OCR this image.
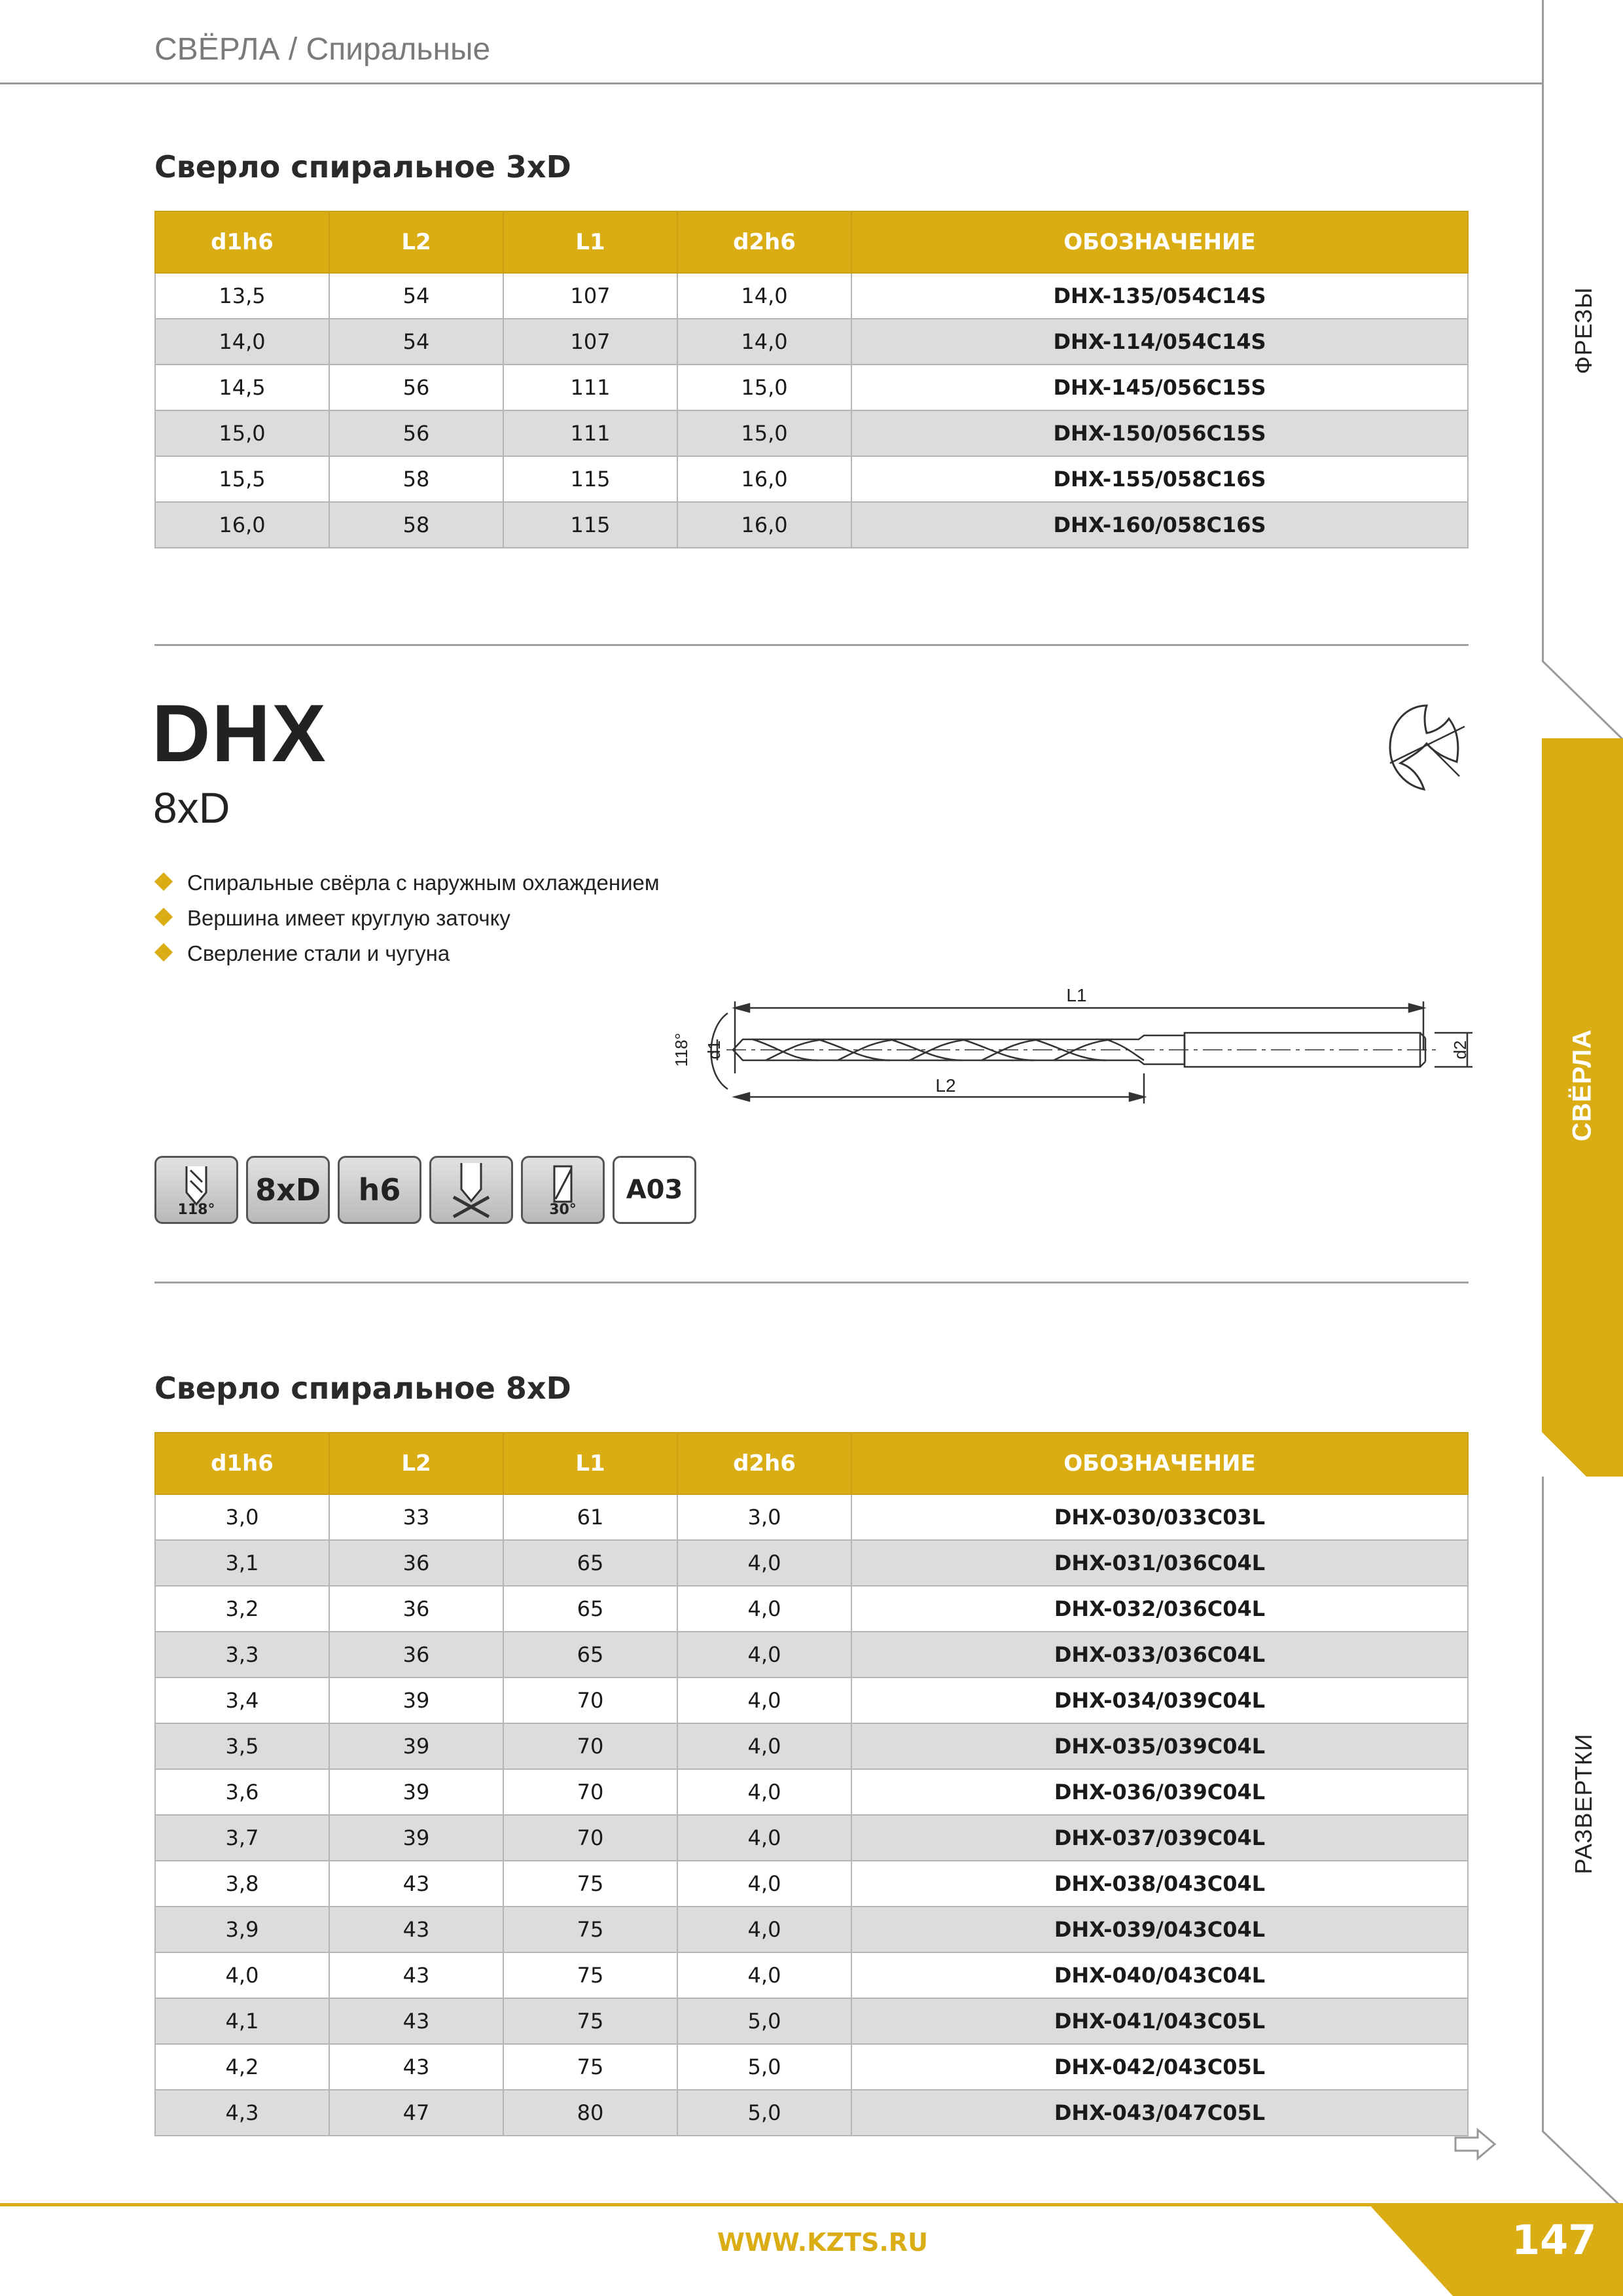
СВЁРЛА / Спиральные
ФРЕЗЫ
СВЁРЛА
РАЗВЕРТКИ
Сверло спиральное 3xD
d1h6	L2	L1	d2h6	ОБОЗНАЧЕНИЕ
13,5	54	107	14,0	DHX-135/054C14S
14,0	54	107	14,0	DHX-114/054C14S
14,5	56	111	15,0	DHX-145/056C15S
15,0	56	111	15,0	DHX-150/056C15S
15,5	58	115	16,0	DHX-155/058C16S
16,0	58	115	16,0	DHX-160/058C16S
DHX
8xD
Спиральные свёрла с наружным охлаждением
Вершина имеет круглую заточку
Сверление стали и чугуна
L1
L2
d1	d2
118°
118°
8xD	h6
30°
A03
Сверло спиральное 8xD
d1h6	L2	L1	d2h6	ОБОЗНАЧЕНИЕ
3,0	33	61	3,0	DHX-030/033C03L
3,1	36	65	4,0	DHX-031/036C04L
3,2	36	65	4,0	DHX-032/036C04L
3,3	36	65	4,0	DHX-033/036C04L
3,4	39	70	4,0	DHX-034/039C04L
3,5	39	70	4,0	DHX-035/039C04L
3,6	39	70	4,0	DHX-036/039C04L
3,7	39	70	4,0	DHX-037/039C04L
3,8	43	75	4,0	DHX-038/043C04L
3,9	43	75	4,0	DHX-039/043C04L
4,0	43	75	4,0	DHX-040/043C04L
4,1	43	75	5,0	DHX-041/043C05L
4,2	43	75	5,0	DHX-042/043C05L
4,3	47	80	5,0	DHX-043/047C05L
WWW.KZTS.RU	147
